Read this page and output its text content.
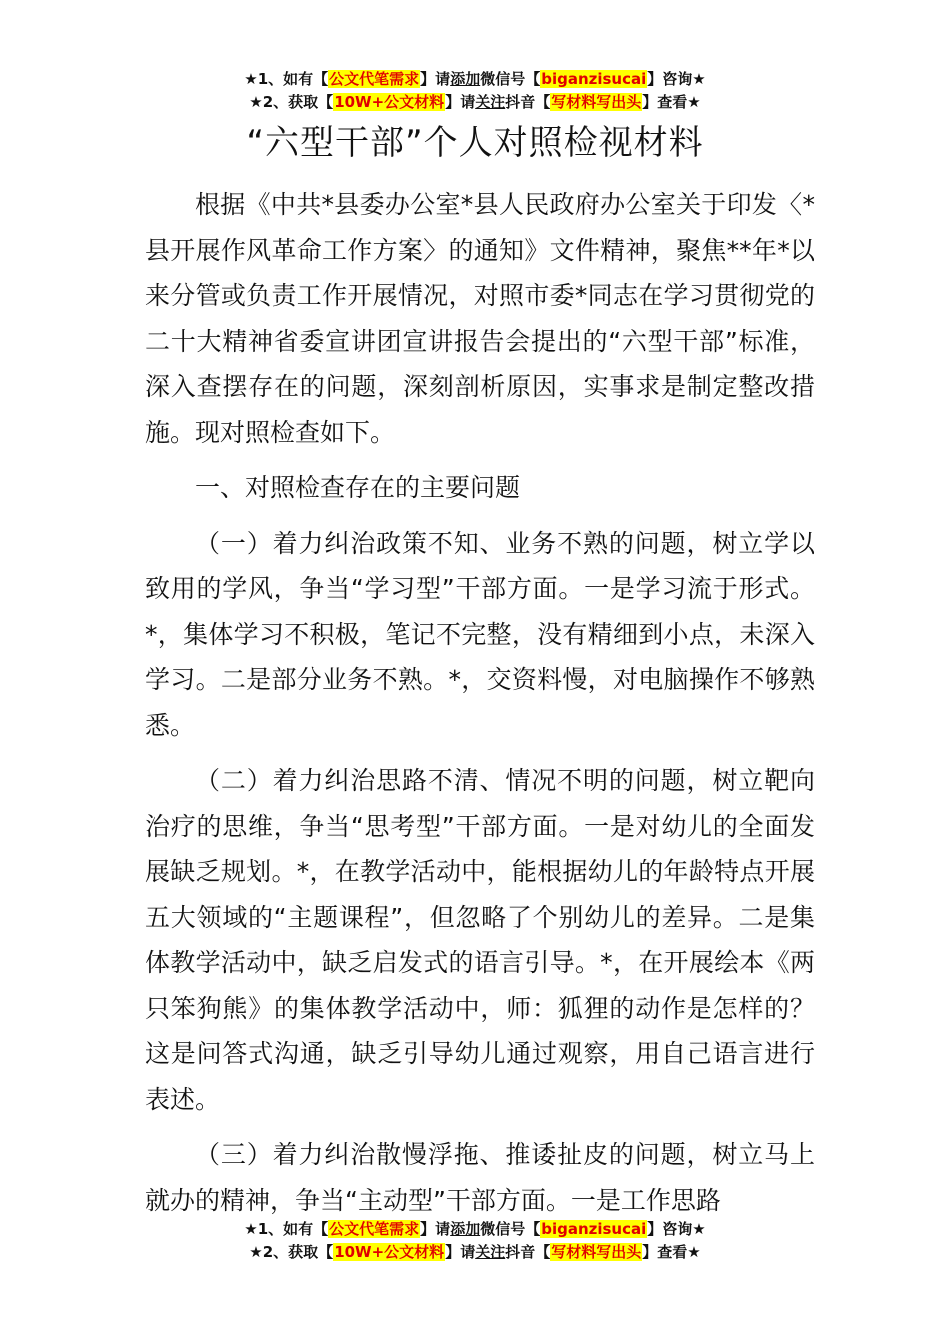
★1、如有【公文代笔需求】请添加微信号【biganzisucai】咨询★
★2、获取【10W+公文材料】请关注抖音【写材料写出头】查看★
“六型干部”个人对照检视材料

根据《中共*县委办公室*县人民政府办公室关于印发〈*县开展作风革命工作方案〉的通知》文件精神，聚焦**年*以来分管或负责工作开展情况，对照市委*同志在学习贯彻党的二十大精神省委宣讲团宣讲报告会提出的“六型干部”标准，深入查摆存在的问题，深刻剖析原因，实事求是制定整改措施。现对照检查如下。

一、对照检查存在的主要问题

（一）着力纠治政策不知、业务不熟的问题，树立学以致用的学风，争当“学习型”干部方面。一是学习流于形式。*，集体学习不积极，笔记不完整，没有精细到小点，未深入学习。二是部分业务不熟。*，交资料慢，对电脑操作不够熟悉。

（二）着力纠治思路不清、情况不明的问题，树立靶向治疗的思维，争当“思考型”干部方面。一是对幼儿的全面发展缺乏规划。*，在教学活动中，能根据幼儿的年龄特点开展五大领域的“主题课程”，但忽略了个别幼儿的差异。二是集体教学活动中，缺乏启发式的语言引导。*，在开展绘本《两只笨狗熊》的集体教学活动中，师：狐狸的动作是怎样的？这是问答式沟通，缺乏引导幼儿通过观察，用自己语言进行表述。

（三）着力纠治散慢浮拖、推诿扯皮的问题，树立马上就办的精神，争当“主动型”干部方面。一是工作思路

★1、如有【公文代笔需求】请添加微信号【biganzisucai】咨询★
★2、获取【10W+公文材料】请关注抖音【写材料写出头】查看★
